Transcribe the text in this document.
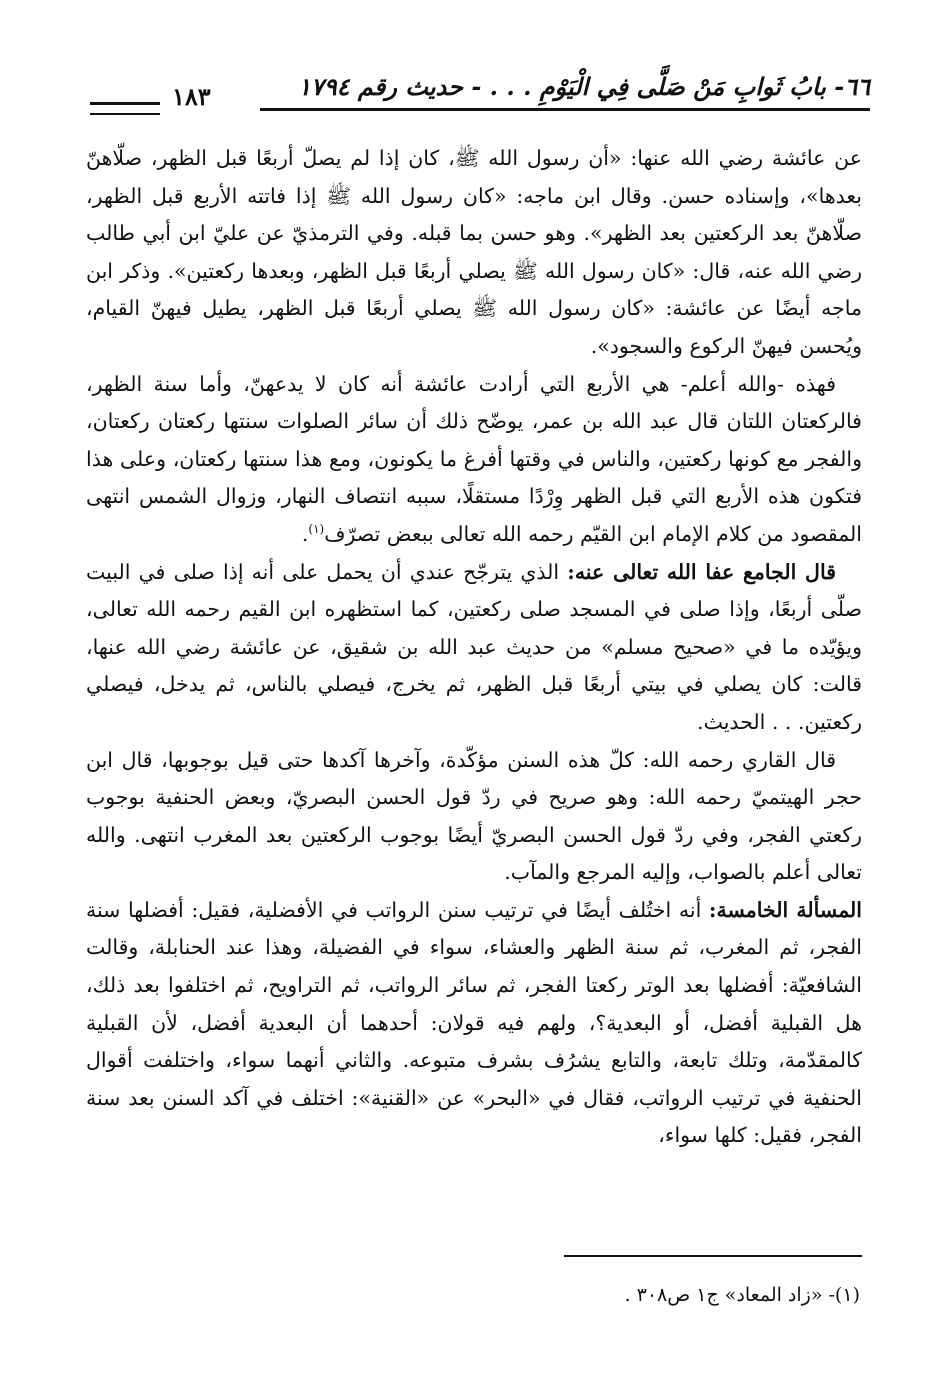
٦٦- بابُ ثَوابِ مَنْ صَلَّى فِي الْيَوْمِ . . . - حديث رقم ١٧٩٤
١٨٣

عن عائشة رضي الله عنها: «أن رسول الله ﷺ، كان إذا لم يصلّ أربعًا قبل الظهر، صلّاهنّ بعدها»، وإسناده حسن. وقال ابن ماجه: «كان رسول الله ﷺ إذا فاتته الأربع قبل الظهر، صلّاهنّ بعد الركعتين بعد الظهر». وهو حسن بما قبله. وفي الترمذيّ عن عليّ ابن أبي طالب رضي الله عنه، قال: «كان رسول الله ﷺ يصلي أربعًا قبل الظهر، وبعدها ركعتين». وذكر ابن ماجه أيضًا عن عائشة: «كان رسول الله ﷺ يصلي أربعًا قبل الظهر، يطيل فيهنّ القيام، ويُحسن فيهنّ الركوع والسجود».

فهذه -والله أعلم- هي الأربع التي أرادت عائشة أنه كان لا يدعهنّ، وأما سنة الظهر، فالركعتان اللتان قال عبد الله بن عمر، يوضّح ذلك أن سائر الصلوات سنتها ركعتان ركعتان، والفجر مع كونها ركعتين، والناس في وقتها أفرغ ما يكونون، ومع هذا سنتها ركعتان، وعلى هذا فتكون هذه الأربع التي قبل الظهر وِرْدًا مستقلًا، سببه انتصاف النهار، وزوال الشمس انتهى المقصود من كلام الإمام ابن القيّم رحمه الله تعالى ببعض تصرّف$^{(١)}$.

قال الجامع عفا الله تعالى عنه: الذي يترجّح عندي أن يحمل على أنه إذا صلى في البيت صلّى أربعًا، وإذا صلى في المسجد صلى ركعتين، كما استظهره ابن القيم رحمه الله تعالى، ويؤيّده ما في «صحيح مسلم» من حديث عبد الله بن شقيق، عن عائشة رضي الله عنها، قالت: كان يصلي في بيتي أربعًا قبل الظهر، ثم يخرج، فيصلي بالناس، ثم يدخل، فيصلي ركعتين. . . الحديث.

قال القاري رحمه الله: كلّ هذه السنن مؤكّدة، وآخرها آكدها حتى قيل بوجوبها، قال ابن حجر الهيتميّ رحمه الله: وهو صريح في ردّ قول الحسن البصريّ، وبعض الحنفية بوجوب ركعتي الفجر، وفي ردّ قول الحسن البصريّ أيضًا بوجوب الركعتين بعد المغرب انتهى. والله تعالى أعلم بالصواب، وإليه المرجع والمآب.

المسألة الخامسة: أنه اختُلف أيضًا في ترتيب سنن الرواتب في الأفضلية، فقيل: أفضلها سنة الفجر، ثم المغرب، ثم سنة الظهر والعشاء، سواء في الفضيلة، وهذا عند الحنابلة، وقالت الشافعيّة: أفضلها بعد الوتر ركعتا الفجر، ثم سائر الرواتب، ثم التراويح، ثم اختلفوا بعد ذلك، هل القبلية أفضل، أو البعدية؟، ولهم فيه قولان: أحدهما أن البعدية أفضل، لأن القبلية كالمقدّمة، وتلك تابعة، والتابع يشرُف بشرف متبوعه. والثاني أنهما سواء، واختلفت أقوال الحنفية في ترتيب الرواتب، فقال في «البحر» عن «القنية»: اختلف في آكد السنن بعد سنة الفجر، فقيل: كلها سواء،

(١)- «زاد المعاد» ج١ ص٣٠٨ .
